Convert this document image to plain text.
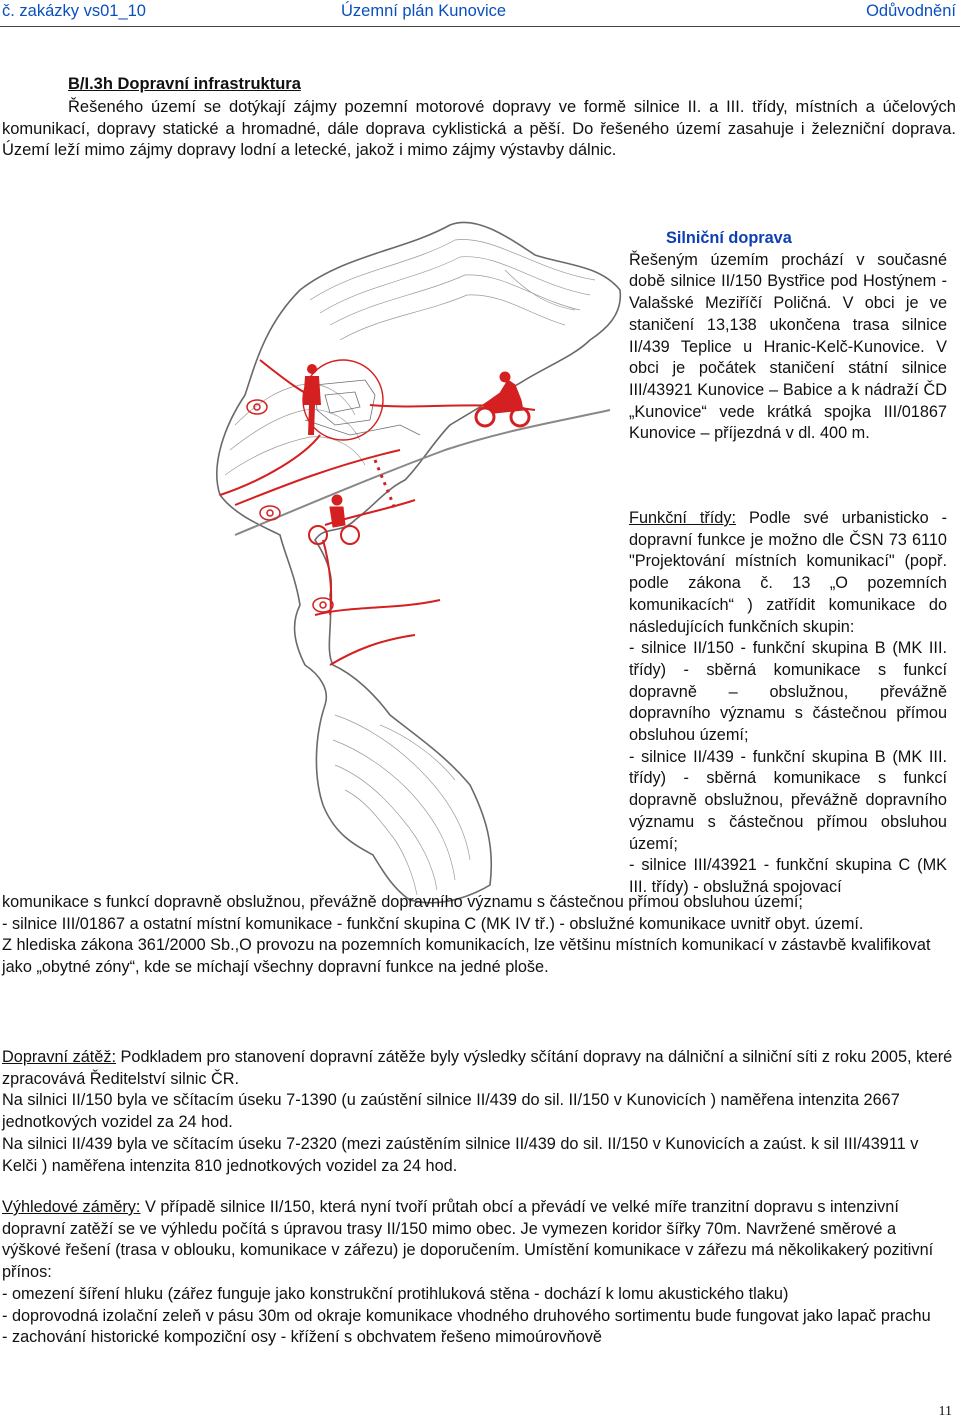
č. zakázky vs01_10	Územní plán Kunovice	Odůvodnění
B/I.3h Dopravní infrastruktura

Řešeného území se dotýkají zájmy pozemní motorové dopravy ve formě silnice II. a III. třídy, místních a účelových komunikací, dopravy statické a hromadné, dále doprava cyklistická a pěší. Do řešeného území zasahuje i železniční doprava. Území leží mimo zájmy dopravy lodní a letecké, jakož i mimo zájmy výstavby dálnic.

Silniční doprava

Řešeným územím prochází v současné době silnice II/150 Bystřice pod Hostýnem - Valašské Meziříčí Poličná. V obci je ve staničení 13,138 ukončena trasa silnice II/439 Teplice u Hranic-Kelč-Kunovice. V obci je počátek staničení státní silnice III/43921 Kunovice – Babice a k nádraží ČD „Kunovice“ vede krátká spojka III/01867 Kunovice – příjezdná v dl. 400 m.

Funkční třídy: Podle své urbanisticko - dopravní funkce je možno dle ČSN 73 6110 "Projektování místních komunikací" (popř. podle zákona č. 13 „O pozemních komunikacích“ ) zatřídit komunikace do následujících funkčních skupin:

- silnice II/150 - funkční skupina B (MK III. třídy) - sběrná komunikace s funkcí dopravně – obslužnou, převážně dopravního významu s částečnou přímou obsluhou území;

- silnice II/439 - funkční skupina B (MK III. třídy) - sběrná komunikace s funkcí dopravně obslužnou, převážně dopravního významu s částečnou přímou obsluhou území;

- silnice III/43921 - funkční skupina C (MK III. třídy) - obslužná spojovací

komunikace s funkcí dopravně obslužnou, převážně dopravního významu s částečnou přímou obsluhou území;

- silnice III/01867 a ostatní místní komunikace - funkční skupina C (MK IV tř.) - obslužné komunikace uvnitř obyt. území.

Z hlediska zákona 361/2000 Sb.,O provozu na pozemních komunikacích, lze většinu místních komunikací v zástavbě kvalifikovat jako „obytné zóny“, kde se míchají všechny dopravní funkce na jedné ploše.

Dopravní zátěž: Podkladem pro stanovení dopravní zátěže byly výsledky sčítání dopravy na dálniční a silniční síti z roku 2005, které zpracovává Ředitelství silnic ČR.

Na silnici II/150 byla ve sčítacím úseku 7-1390 (u zaústění silnice II/439 do sil. II/150 v Kunovicích ) naměřena intenzita 2667 jednotkových vozidel za 24 hod.

Na silnici II/439 byla ve sčítacím úseku 7-2320 (mezi zaústěním silnice II/439 do sil. II/150 v Kunovicích a zaúst. k sil III/43911 v Kelči ) naměřena intenzita 810 jednotkových vozidel za 24 hod.

Výhledové záměry: V případě silnice II/150, která nyní tvoří průtah obcí a převádí ve velké míře tranzitní dopravu s intenzivní dopravní zatěží se ve výhledu počítá s úpravou trasy II/150 mimo obec. Je vymezen koridor šířky 70m. Navržené směrové a výškové řešení (trasa v oblouku, komunikace v zářezu) je doporučením. Umístění komunikace v zářezu má několikakerý pozitivní přínos:

- omezení šíření hluku (zářez funguje jako konstrukční protihluková stěna - dochází k lomu akustického tlaku)

- doprovodná izolační zeleň v pásu 30m od okraje komunikace vhodného druhového sortimentu bude fungovat jako lapač prachu

- zachování historické kompoziční osy - křížení s obchvatem řešeno mimoúrovňově

11
